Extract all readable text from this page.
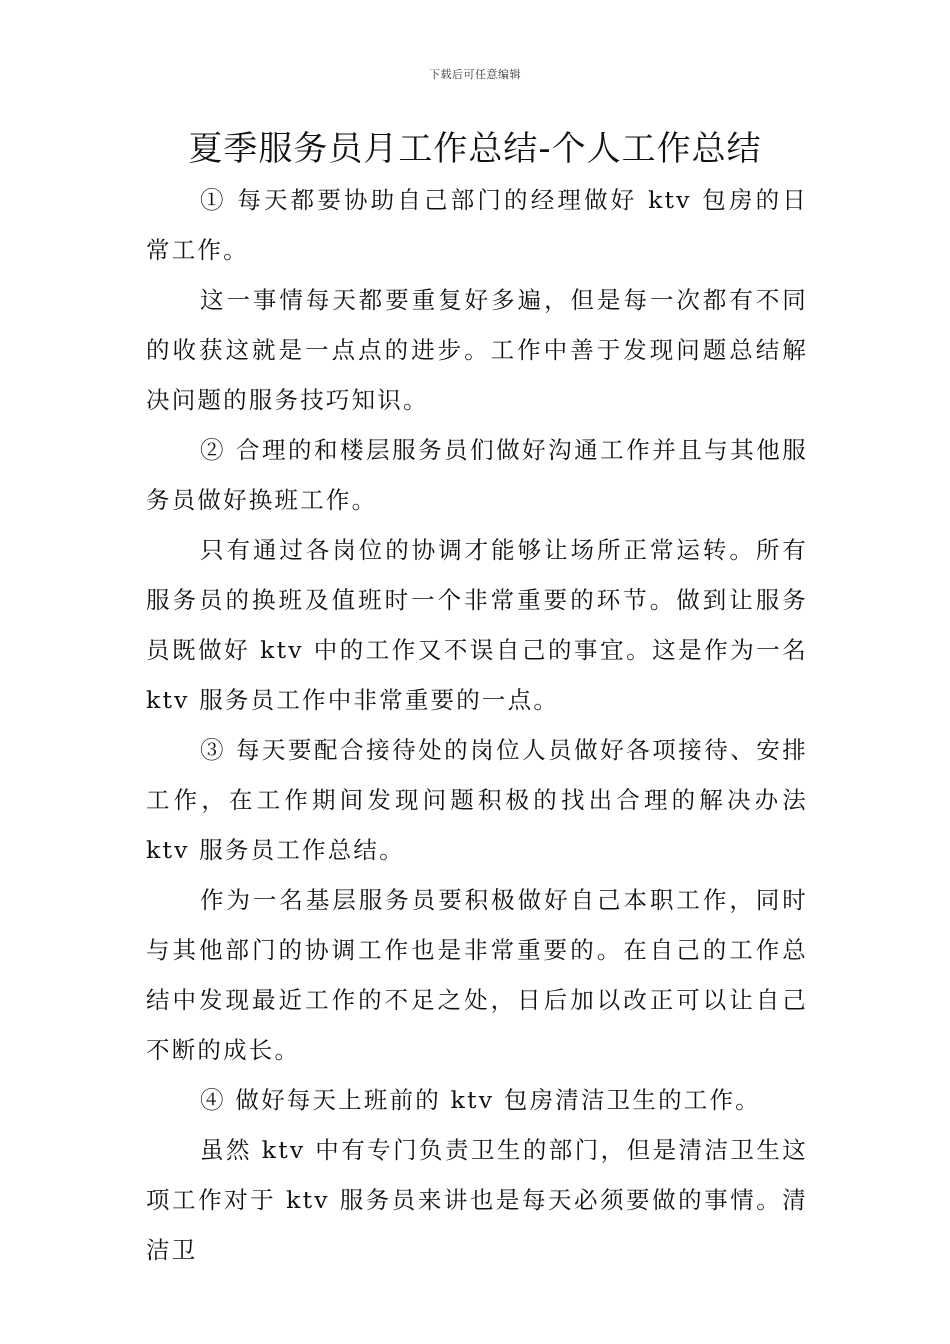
下载后可任意编辑
夏季服务员月工作总结-个人工作总结

① 每天都要协助自己部门的经理做好 ktv 包房的日常工作。

这一事情每天都要重复好多遍，但是每一次都有不同的收获这就是一点点的进步。工作中善于发现问题总结解决问题的服务技巧知识。

② 合理的和楼层服务员们做好沟通工作并且与其他服务员做好换班工作。

只有通过各岗位的协调才能够让场所正常运转。所有服务员的换班及值班时一个非常重要的环节。做到让服务员既做好 ktv 中的工作又不误自己的事宜。这是作为一名 ktv 服务员工作中非常重要的一点。

③ 每天要配合接待处的岗位人员做好各项接待、安排工作，在工作期间发现问题积极的找出合理的解决办法 ktv 服务员工作总结。

作为一名基层服务员要积极做好自己本职工作，同时与其他部门的协调工作也是非常重要的。在自己的工作总结中发现最近工作的不足之处，日后加以改正可以让自己不断的成长。

④ 做好每天上班前的 ktv 包房清洁卫生的工作。

虽然 ktv 中有专门负责卫生的部门，但是清洁卫生这项工作对于 ktv 服务员来讲也是每天必须要做的事情。清洁卫
